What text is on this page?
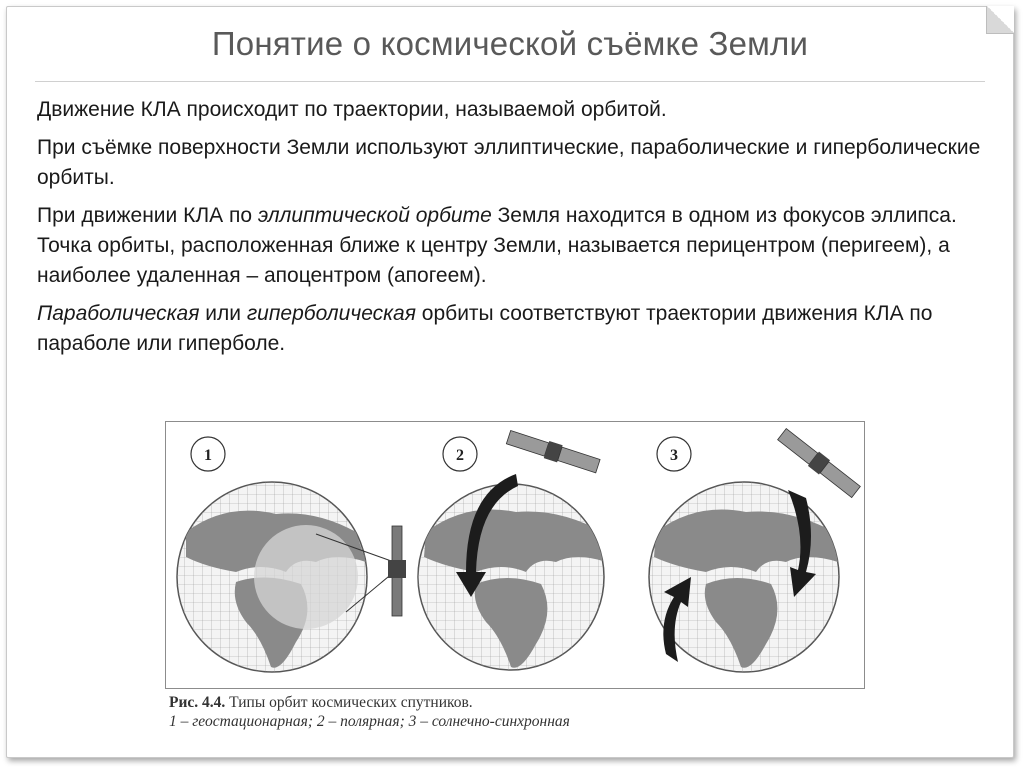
Понятие о космической съёмке Земли

Движение КЛА происходит по траектории, называемой орбитой.

При съёмке поверхности Земли используют эллиптические, параболические и гиперболические орбиты.

При движении КЛА по эллиптической орбите Земля находится в одном из фокусов эллипса. Точка орбиты, расположенная ближе к центру Земли, называется перицентром (перигеем), а наиболее удаленная – апоцентром (апогеем).

Параболическая или гиперболическая орбиты соответствуют траектории движения КЛА по параболе или гиперболе.

1	2	3
Рис. 4.4. Типы орбит космических спутников.
1 – геостационарная; 2 – полярная; 3 – солнечно-синхронная
